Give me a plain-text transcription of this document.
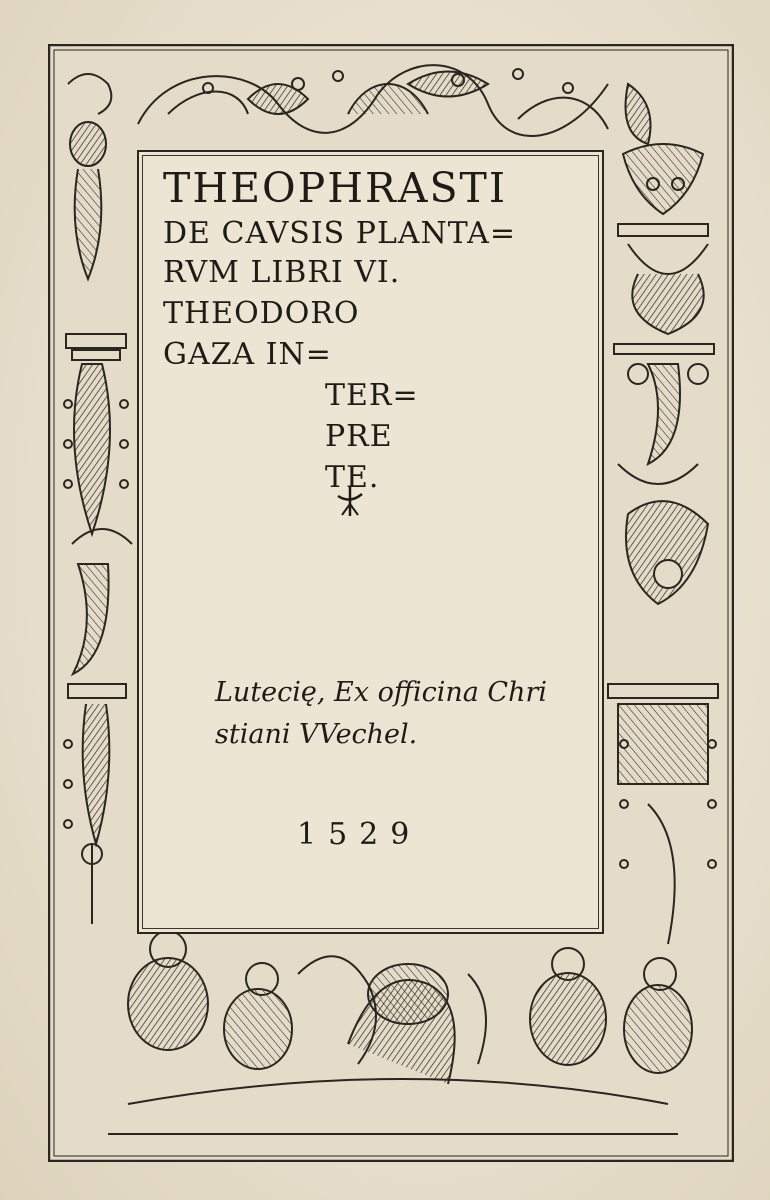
THEOPHRASTI
DE CAVSIS PLANTA=
RVM LIBRI VI.
THEODORO
GAZA IN=
TER=
PRE
TE.
Lutecię, Ex officina Chri
stiani VVechel.
1529
